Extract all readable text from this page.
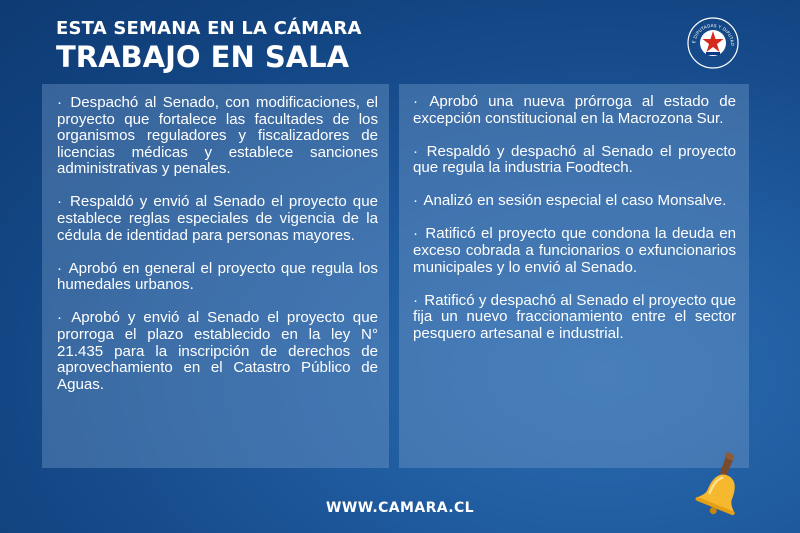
ESTA SEMANA EN LA CÁMARA
TRABAJO EN SALA	E DIPUTADAS Y DIPUTAD

· Despachó al Senado, con modificaciones, el proyecto que fortalece las facultades de los organismos reguladores y fiscalizadores de licencias médicas y establece sanciones administrativas y penales.

· Respaldó y envió al Senado el proyecto que establece reglas especiales de vigencia de la cédula de identidad para personas mayores.

· Aprobó en general el proyecto que regula los humedales urbanos.

· Aprobó y envió al Senado el proyecto que prorroga el plazo establecido en la ley N° 21.435 para la inscripción de derechos de aprovechamiento en el Catastro Público de Aguas.

· Aprobó una nueva prórroga al estado de excepción constitucional en la Macrozona Sur.

· Respaldó y despachó al Senado el proyecto que regula la industria Foodtech.

· Analizó en sesión especial el caso Monsalve.

· Ratificó el proyecto que condona la deuda en exceso cobrada a funcionarios o exfuncionarios municipales y lo envió al Senado.

· Ratificó y despachó al Senado el proyecto que fija un nuevo fraccionamiento entre el sector pesquero artesanal e industrial.

WWW.CAMARA.CL
